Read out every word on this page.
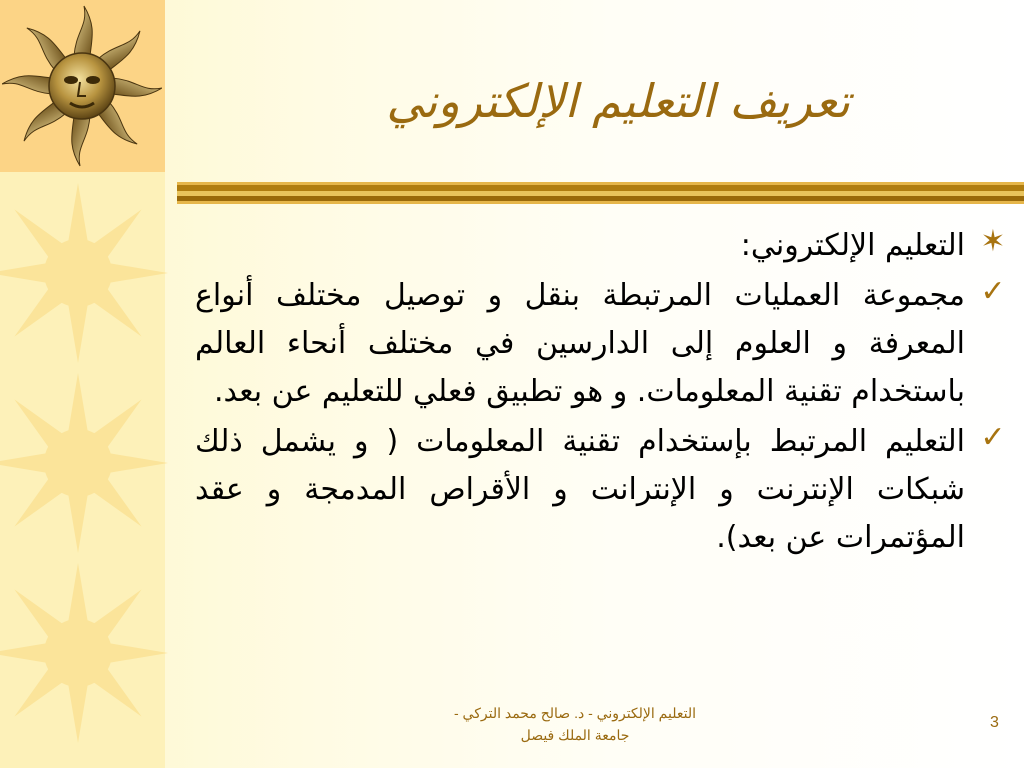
تعريف التعليم الإلكتروني

✶
التعليم الإلكتروني:

✓
مجموعة العمليات المرتبطة بنقل و توصيل مختلف أنواع المعرفة و العلوم إلى الدارسين في مختلف أنحاء العالم باستخدام تقنية المعلومات. و هو تطبيق فعلي للتعليم عن بعد.

✓
التعليم المرتبط بإستخدام تقنية المعلومات ( و يشمل ذلك شبكات الإنترنت و الإنترانت و الأقراص المدمجة و عقد المؤتمرات عن بعد).

التعليم الإلكتروني - د. صالح محمد التركي -
جامعة الملك فيصل
3
